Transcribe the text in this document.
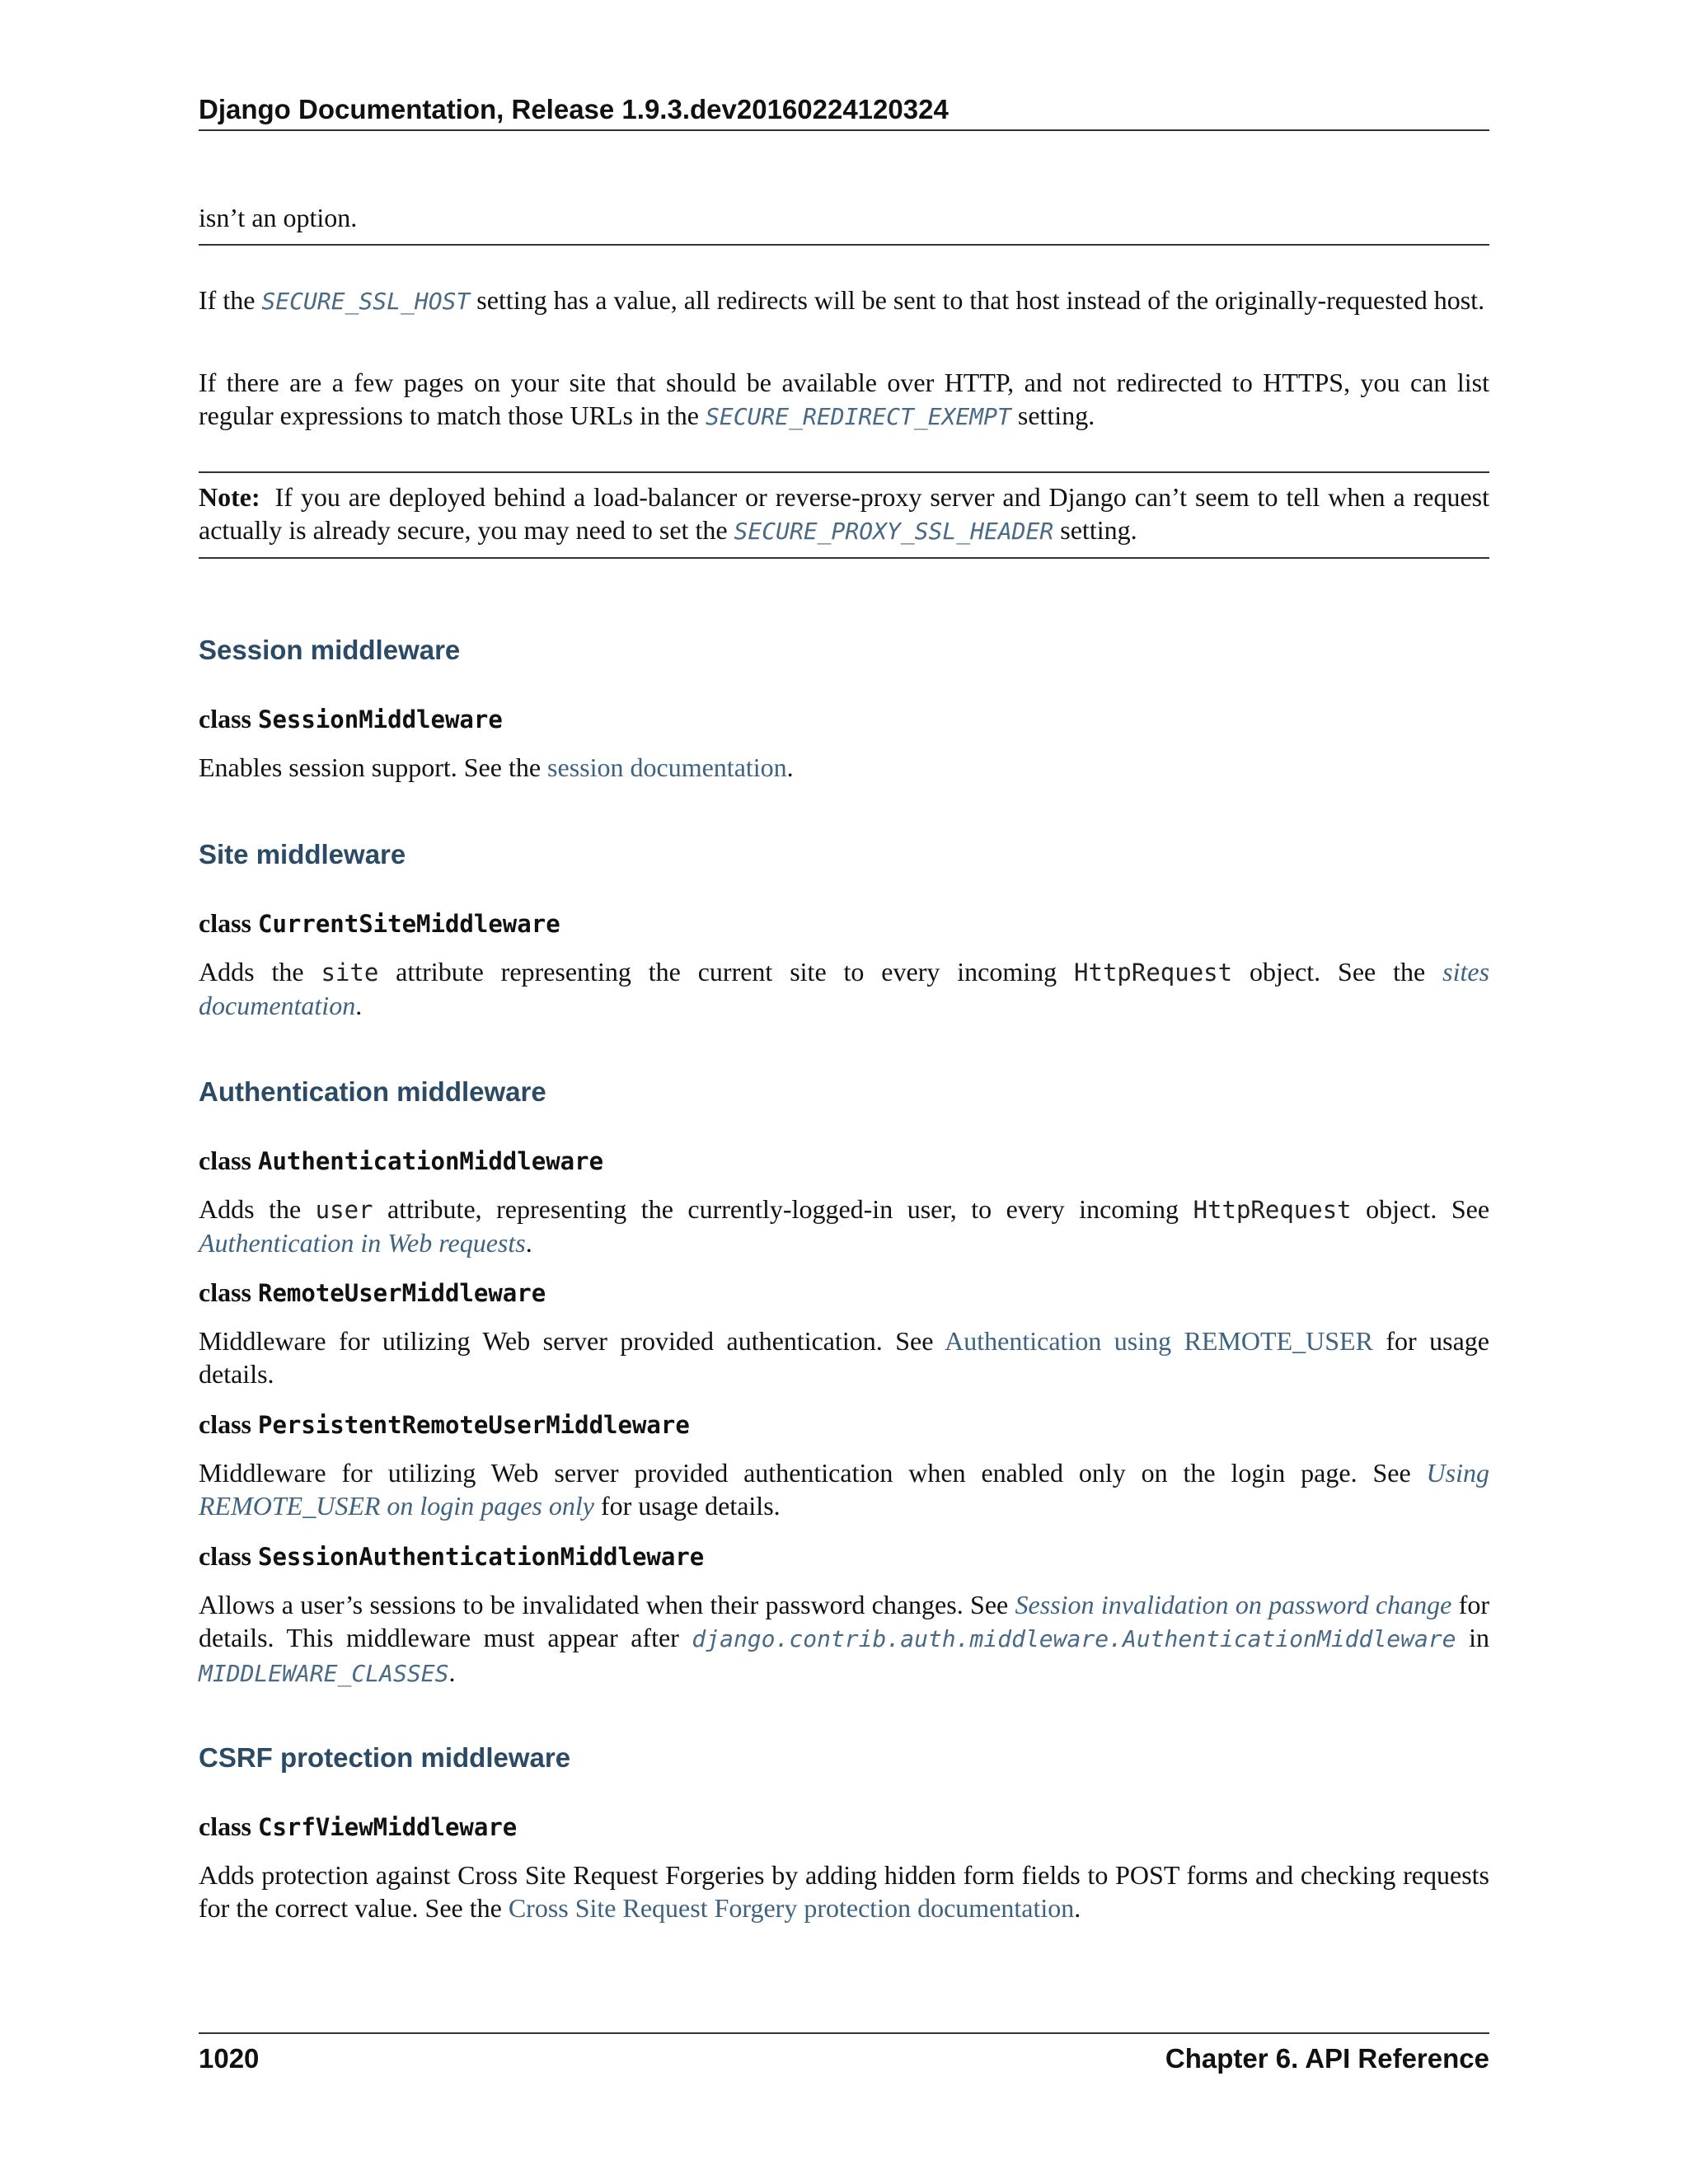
Django Documentation, Release 1.9.3.dev20160224120324

isn’t an option.

If the SECURE_SSL_HOST setting has a value, all redirects will be sent to that host instead of the originally-requested host.

If there are a few pages on your site that should be available over HTTP, and not redirected to HTTPS, you can list regular expressions to match those URLs in the SECURE_REDIRECT_EXEMPT setting.

Note: If you are deployed behind a load-balancer or reverse-proxy server and Django can’t seem to tell when a request actually is already secure, you may need to set the SECURE_PROXY_SSL_HEADER setting.

Session middleware
class SessionMiddleware

Enables session support. See the session documentation.

Site middleware
class CurrentSiteMiddleware

Adds the site attribute representing the current site to every incoming HttpRequest object. See the sites documentation.

Authentication middleware
class AuthenticationMiddleware

Adds the user attribute, representing the currently-logged-in user, to every incoming HttpRequest object. See Authentication in Web requests.

class RemoteUserMiddleware

Middleware for utilizing Web server provided authentication. See Authentication using REMOTE_USER for usage details.

class PersistentRemoteUserMiddleware

Middleware for utilizing Web server provided authentication when enabled only on the login page. See Using REMOTE_USER on login pages only for usage details.

class SessionAuthenticationMiddleware

Allows a user’s sessions to be invalidated when their password changes. See Session invalidation on password change for details. This middleware must appear after django.contrib.auth.middleware.AuthenticationMiddleware in MIDDLEWARE_CLASSES.

CSRF protection middleware
class CsrfViewMiddleware

Adds protection against Cross Site Request Forgeries by adding hidden form fields to POST forms and checking requests for the correct value. See the Cross Site Request Forgery protection documentation.

1020	Chapter 6. API Reference
